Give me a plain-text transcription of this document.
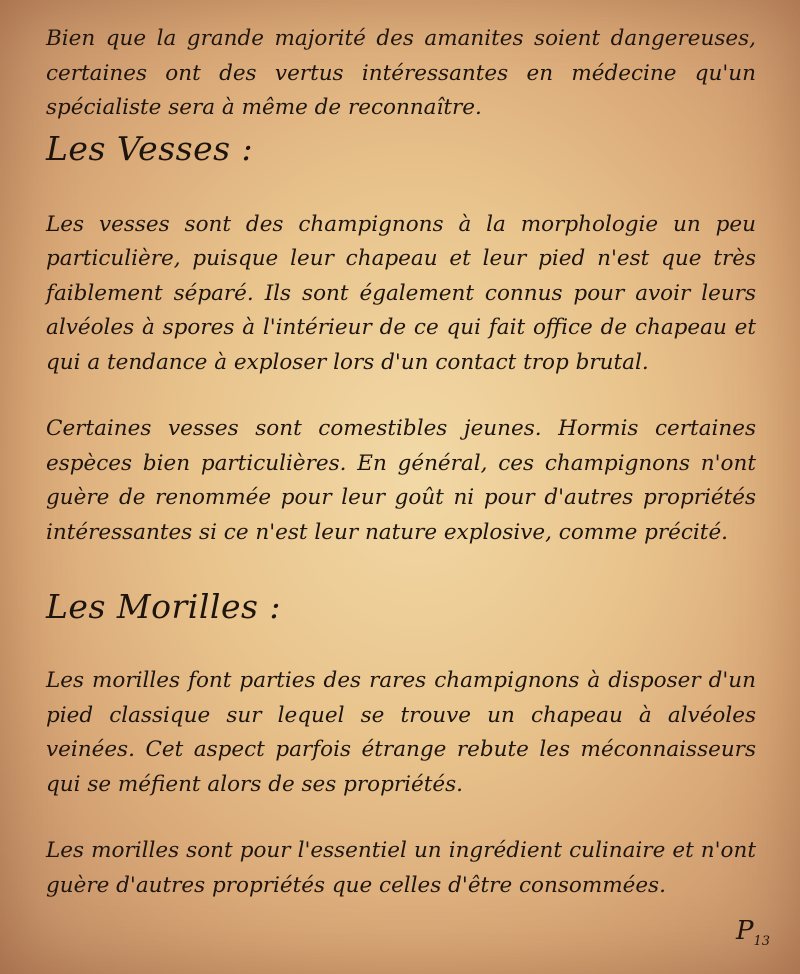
Bien que la grande majorité des amanites soient dangereuses, certaines ont des vertus intéressantes en médecine qu'un spécialiste sera à même de reconnaître.

Les Vesses :

Les vesses sont des champignons à la morphologie un peu particulière, puisque leur chapeau et leur pied n'est que très faiblement séparé. Ils sont également connus pour avoir leurs alvéoles à spores à l'intérieur de ce qui fait office de chapeau et qui a tendance à exploser lors d'un contact trop brutal.

Certaines vesses sont comestibles jeunes. Hormis certaines espèces bien particulières. En général, ces champignons n'ont guère de renommée pour leur goût ni pour d'autres propriétés intéressantes si ce n'est leur nature explosive, comme précité.

Les Morilles :

Les morilles font parties des rares champignons à disposer d'un pied classique sur lequel se trouve un chapeau à alvéoles veinées. Cet aspect parfois étrange rebute les méconnaisseurs qui se méfient alors de ses propriétés.

Les morilles sont pour l'essentiel un ingrédient culinaire et n'ont guère d'autres propriétés que celles d'être consommées.

$P_{13}$
